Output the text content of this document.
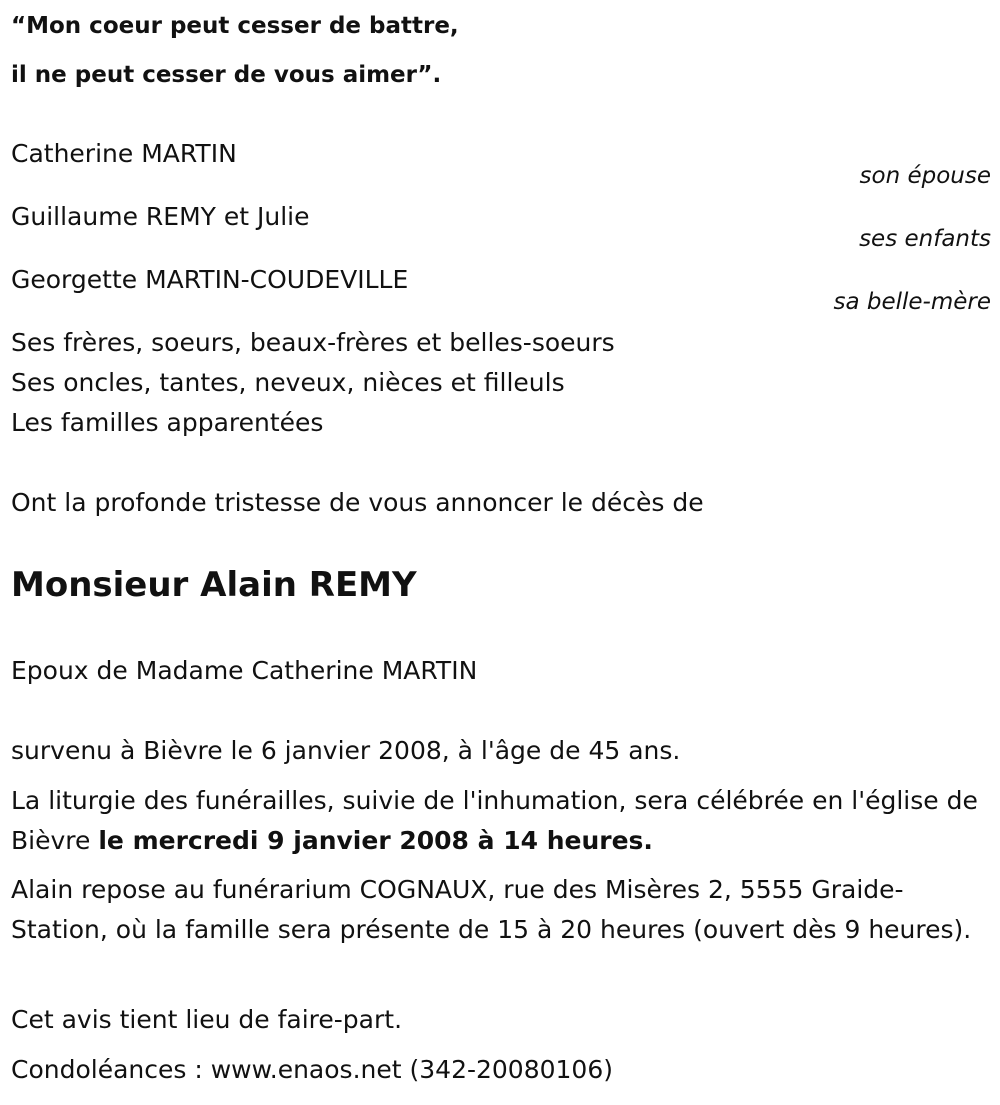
“Mon coeur peut cesser de battre,
il ne peut cesser de vous aimer”.
Catherine MARTIN
son épouse
Guillaume REMY et Julie
ses enfants
Georgette MARTIN-COUDEVILLE
sa belle-mère
Ses frères, soeurs, beaux-frères et belles-soeurs
Ses oncles, tantes, neveux, nièces et filleuls
Les familles apparentées
Ont la profonde tristesse de vous annoncer le décès de
Monsieur Alain REMY
Epoux de Madame Catherine MARTIN
survenu à Bièvre le 6 janvier 2008, à l'âge de 45 ans.
La liturgie des funérailles, suivie de l'inhumation, sera célébrée en l'église de Bièvre le mercredi 9 janvier 2008 à 14 heures.
Alain repose au funérarium COGNAUX, rue des Misères 2, 5555 Graide-Station, où la famille sera présente de 15 à 20 heures (ouvert dès 9 heures).
Cet avis tient lieu de faire-part.
Condoléances : www.enaos.net (342-20080106)
